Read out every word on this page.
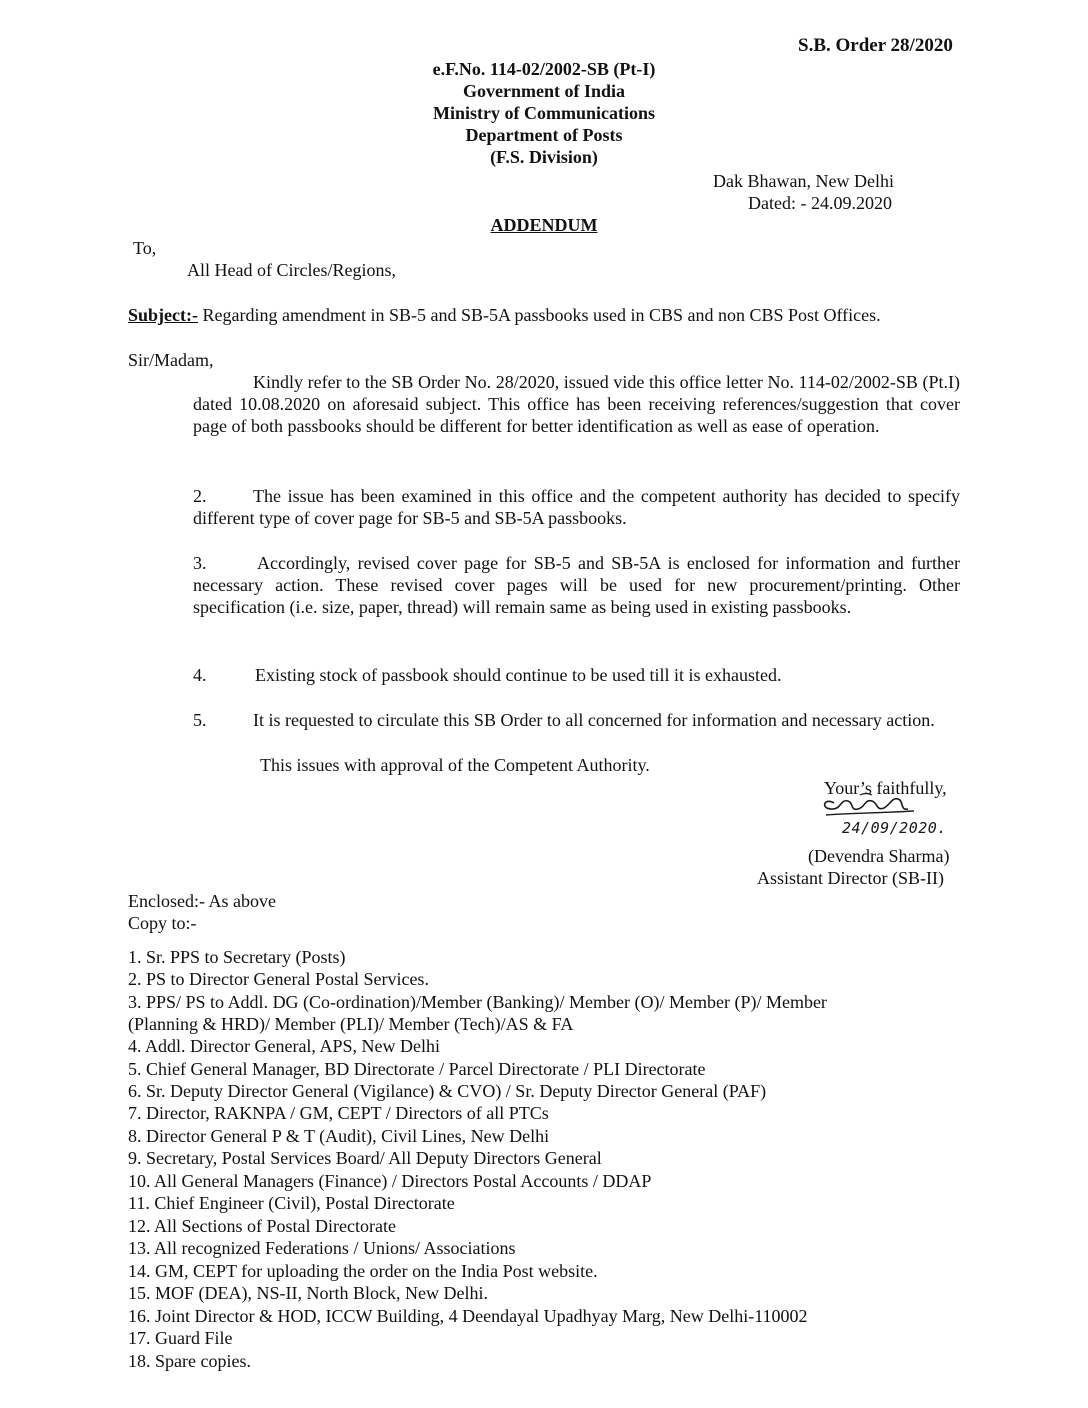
S.B. Order 28/2020
e.F.No. 114-02/2002-SB (Pt-I)
Government of India
Ministry of Communications
Department of Posts
(F.S. Division)
Dak Bhawan, New Delhi
Dated: - 24.09.2020
ADDENDUM
To,
All Head of Circles/Regions,
Subject:- Regarding amendment in SB-5 and SB-5A passbooks used in CBS and non CBS Post Offices.
Sir/Madam,
Kindly refer to the SB Order No. 28/2020, issued vide this office letter No. 114-02/2002-SB (Pt.I) dated 10.08.2020 on aforesaid subject. This office has been receiving references/suggestion that cover page of both passbooks should be different for better identification as well as ease of operation.
2.	The issue has been examined in this office and the competent authority has decided to specify different type of cover page for SB-5 and SB-5A passbooks.
3.	Accordingly, revised cover page for SB-5 and SB-5A is enclosed for information and further necessary action. These revised cover pages will be used for new procurement/printing. Other specification (i.e. size, paper, thread) will remain same as being used in existing passbooks.
4.	Existing stock of passbook should continue to be used till it is exhausted.
5.	It is requested to circulate this SB Order to all concerned for information and necessary action.
This issues with approval of the Competent Authority.
Your’s faithfully,
24/09/2020.
(Devendra Sharma)
Assistant Director (SB-II)
Enclosed:- As above
Copy to:-
1. Sr. PPS to Secretary (Posts)
2. PS to Director General Postal Services.
3. PPS/ PS to Addl. DG (Co-ordination)/Member (Banking)/ Member (O)/ Member (P)/ Member
(Planning & HRD)/ Member (PLI)/ Member (Tech)/AS & FA
4. Addl. Director General, APS, New Delhi
5. Chief General Manager, BD Directorate / Parcel Directorate / PLI Directorate
6. Sr. Deputy Director General (Vigilance) & CVO) / Sr. Deputy Director General (PAF)
7. Director, RAKNPA / GM, CEPT / Directors of all PTCs
8. Director General P & T (Audit), Civil Lines, New Delhi
9. Secretary, Postal Services Board/ All Deputy Directors General
10. All General Managers (Finance) / Directors Postal Accounts / DDAP
11. Chief Engineer (Civil), Postal Directorate
12. All Sections of Postal Directorate
13. All recognized Federations / Unions/ Associations
14. GM, CEPT for uploading the order on the India Post website.
15. MOF (DEA), NS-II, North Block, New Delhi.
16. Joint Director & HOD, ICCW Building, 4 Deendayal Upadhyay Marg, New Delhi-110002
17. Guard File
18. Spare copies.
